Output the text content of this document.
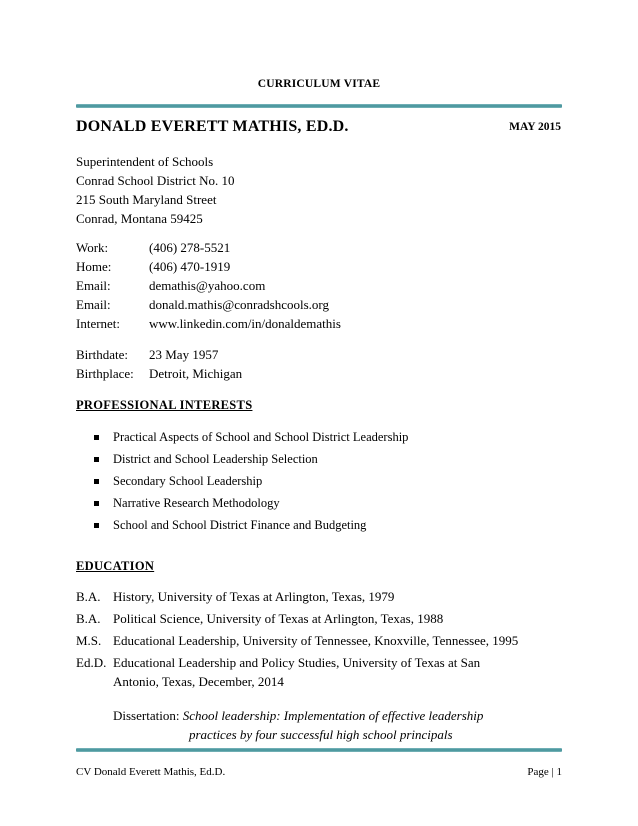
CURRICULUM VITAE
DONALD EVERETT MATHIS, ED.D.	MAY 2015
Superintendent of Schools
Conrad School District No. 10
215 South Maryland Street
Conrad, Montana 59425
Work:	(406) 278-5521
Home:	(406) 470-1919
Email:	demathis@yahoo.com
Email:	donald.mathis@conradshcools.org
Internet:	www.linkedin.com/in/donaldemathis
Birthdate:	23 May 1957
Birthplace:	Detroit, Michigan
PROFESSIONAL INTERESTS
Practical Aspects of School and School District Leadership
District and School Leadership Selection
Secondary School Leadership
Narrative Research Methodology
School and School District Finance and Budgeting
EDUCATION
B.A. History, University of Texas at Arlington, Texas, 1979
B.A. Political Science, University of Texas at Arlington, Texas, 1988
M.S. Educational Leadership, University of Tennessee, Knoxville, Tennessee, 1995
Ed.D. Educational Leadership and Policy Studies, University of Texas at San
Antonio, Texas, December, 2014
Dissertation: School leadership: Implementation of effective leadership
practices by four successful high school principals
CV Donald Everett Mathis, Ed.D.	Page | 1
